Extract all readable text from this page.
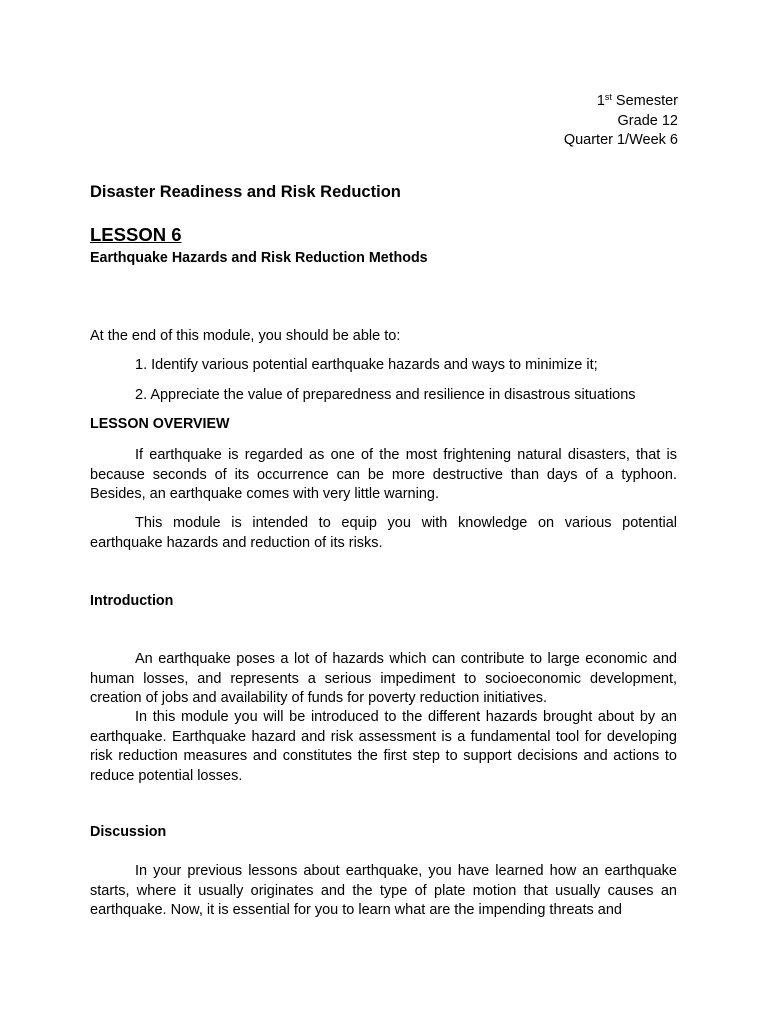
1st Semester
Grade 12
Quarter 1/Week 6
Disaster Readiness and Risk Reduction
LESSON 6
Earthquake Hazards and Risk Reduction Methods
At the end of this module, you should be able to:
1. Identify various potential earthquake hazards and ways to minimize it;
2. Appreciate the value of preparedness and resilience in disastrous situations
LESSON OVERVIEW

If earthquake is regarded as one of the most frightening natural disasters, that is because seconds of its occurrence can be more destructive than days of a typhoon. Besides, an earthquake comes with very little warning.

This module is intended to equip you with knowledge on various potential earthquake hazards and reduction of its risks.

Introduction

An earthquake poses a lot of hazards which can contribute to large economic and human losses, and represents a serious impediment to socioeconomic development, creation of jobs and availability of funds for poverty reduction initiatives.

In this module you will be introduced to the different hazards brought about by an earthquake. Earthquake hazard and risk assessment is a fundamental tool for developing risk reduction measures and constitutes the first step to support decisions and actions to reduce potential losses.

Discussion

In your previous lessons about earthquake, you have learned how an earthquake starts, where it usually originates and the type of plate motion that usually causes an earthquake. Now, it is essential for you to learn what are the impending threats and
